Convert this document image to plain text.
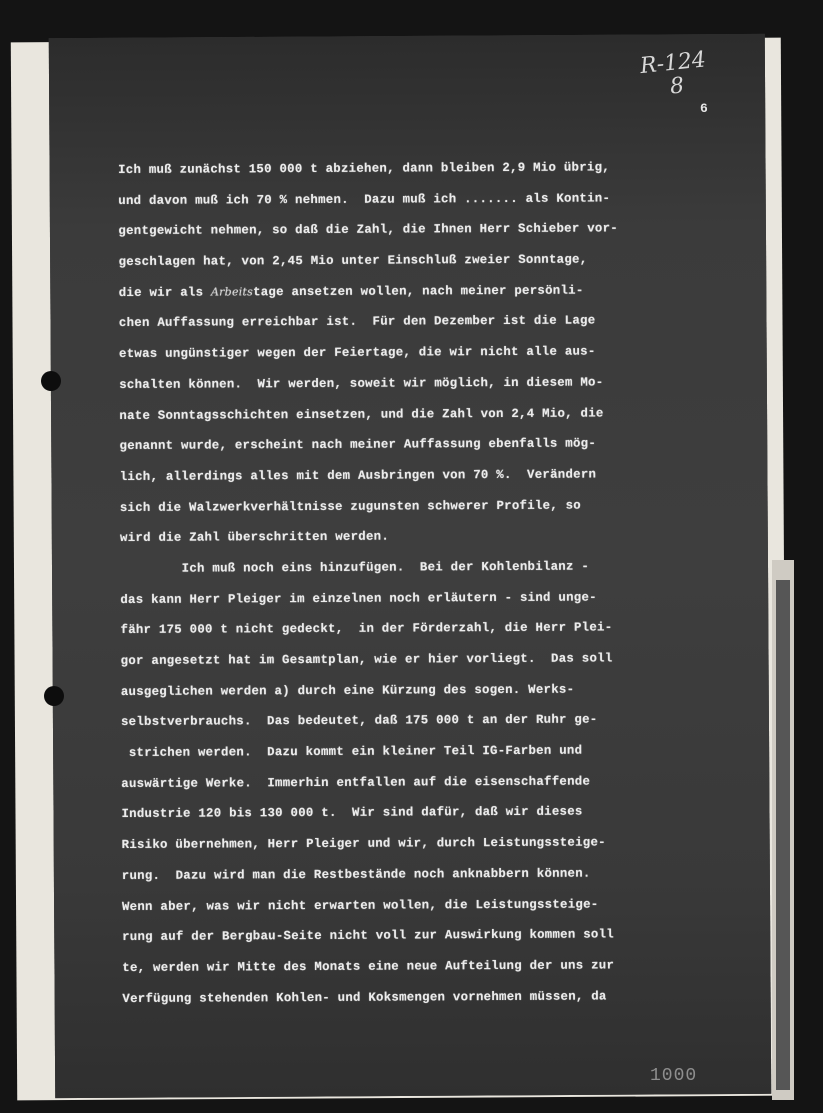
R-124
8
6
Ich muß zunächst 150 000 t abziehen, dann bleiben 2,9 Mio übrig,
und davon muß ich 70 % nehmen.  Dazu muß ich ....... als Kontin-
gentgewicht nehmen, so daß die Zahl, die Ihnen Herr Schieber vor-
geschlagen hat, von 2,45 Mio unter Einschluß zweier Sonntage,
die wir als Arbeitstage ansetzen wollen, nach meiner persönli-
chen Auffassung erreichbar ist.  Für den Dezember ist die Lage
etwas ungünstiger wegen der Feiertage, die wir nicht alle aus-
schalten können.  Wir werden, soweit wir möglich, in diesem Mo-
nate Sonntagsschichten einsetzen, und die Zahl von 2,4 Mio, die
genannt wurde, erscheint nach meiner Auffassung ebenfalls mög-
lich, allerdings alles mit dem Ausbringen von 70 %.  Verändern
sich die Walzwerkverhältnisse zugunsten schwerer Profile, so
wird die Zahl überschritten werden.
Ich muß noch eins hinzufügen.  Bei der Kohlenbilanz -
das kann Herr Pleiger im einzelnen noch erläutern - sind unge-
fähr 175 000 t nicht gedeckt,  in der Förderzahl, die Herr Plei-
gor angesetzt hat im Gesamtplan, wie er hier vorliegt.  Das soll
ausgeglichen werden a) durch eine Kürzung des sogen. Werks-
selbstverbrauchs.  Das bedeutet, daß 175 000 t an der Ruhr ge-
strichen werden.  Dazu kommt ein kleiner Teil IG-Farben und
auswärtige Werke.  Immerhin entfallen auf die eisenschaffende
Industrie 120 bis 130 000 t.  Wir sind dafür, daß wir dieses
Risiko übernehmen, Herr Pleiger und wir, durch Leistungssteige-
rung.  Dazu wird man die Restbestände noch anknabbern können.
Wenn aber, was wir nicht erwarten wollen, die Leistungssteige-
rung auf der Bergbau-Seite nicht voll zur Auswirkung kommen soll
te, werden wir Mitte des Monats eine neue Aufteilung der uns zur
Verfügung stehenden Kohlen- und Koksmengen vornehmen müssen, da
1000
